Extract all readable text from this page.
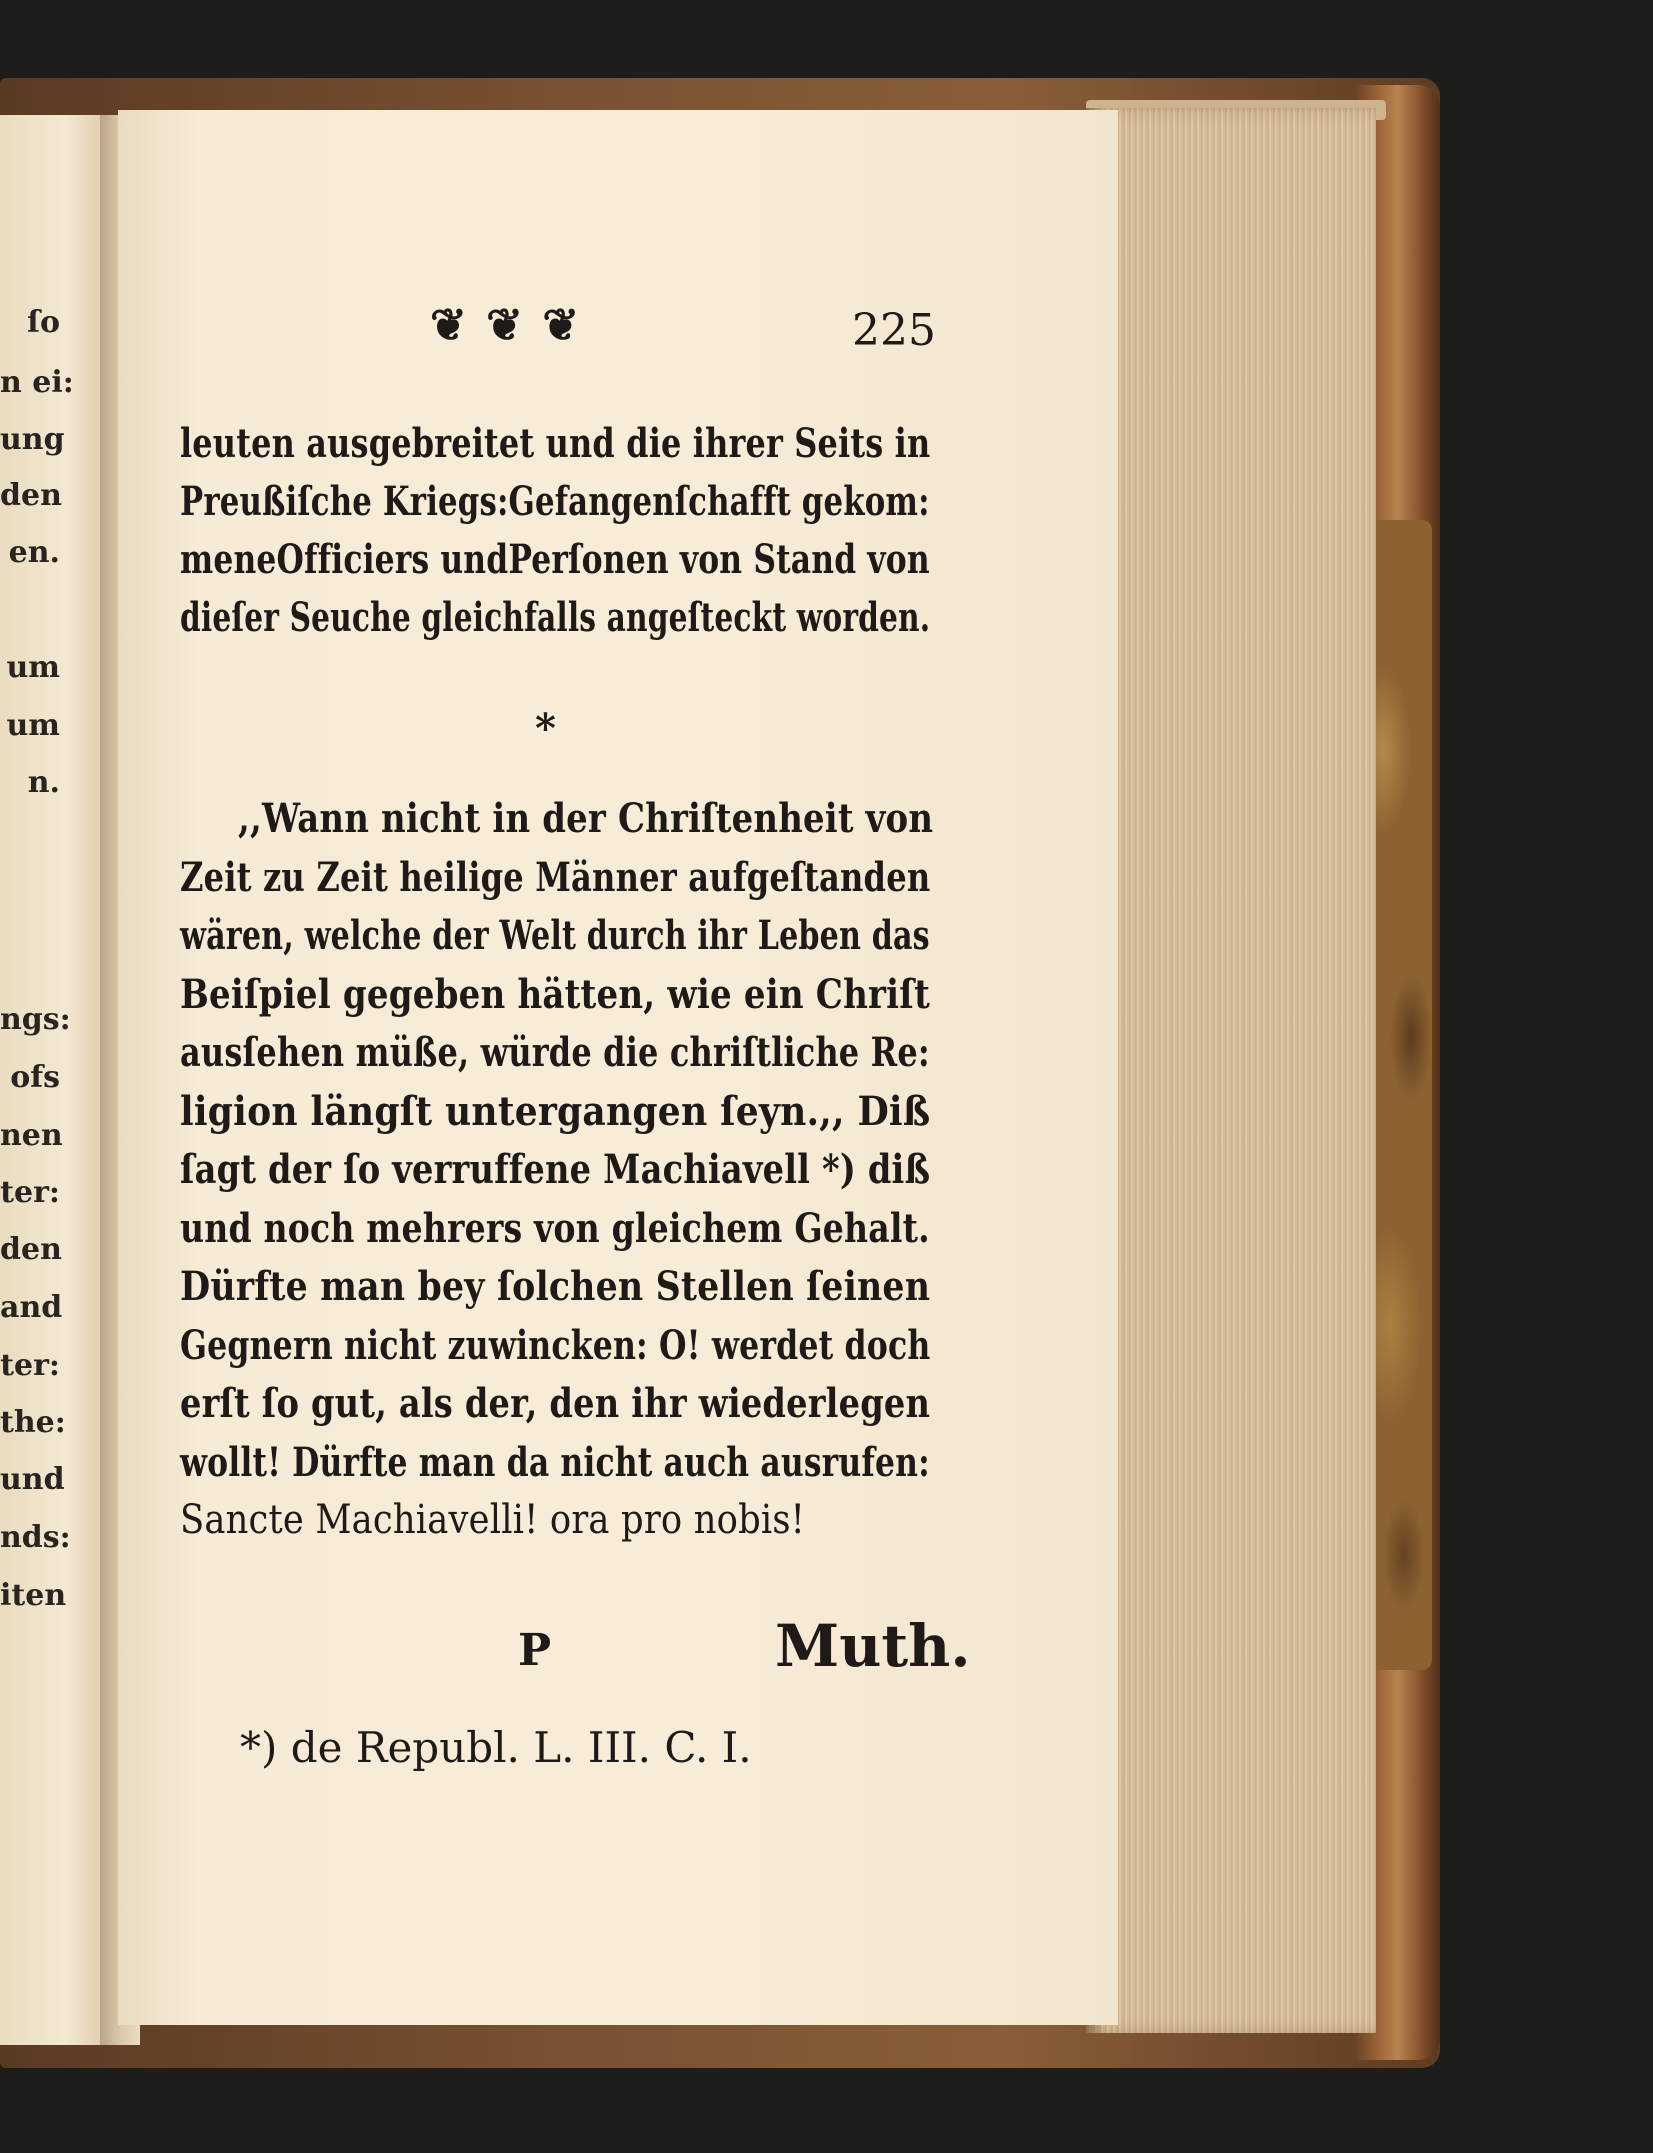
ſo
n ei:
ung
den
en.
um
um
n.
ngs:
ofs
nen
ter:
den
and
ter:
the:
und
nds:
iten
❦ ❦ ❦	225
*
P	Muth.
*) de Republ. L. III. C. I.
leuten ausgebreitet und die ihrer Seits in
Preußiſche Kriegs:Gefangenſchafft gekom:
meneOfficiers undPerſonen von Stand von
dieſer Seuche gleichfalls angeſteckt worden.
,,Wann nicht in der Chriſtenheit von
Zeit zu Zeit heilige Männer aufgeſtanden
wären, welche der Welt durch ihr Leben das
Beiſpiel gegeben hätten, wie ein Chriſt
ausſehen müße, würde die chriſtliche Re:
ligion längſt untergangen ſeyn.,, Diß
ſagt der ſo verruffene Machiavell *) diß
und noch mehrers von gleichem Gehalt.
Dürfte man bey ſolchen Stellen ſeinen
Gegnern nicht zuwincken: O! werdet doch
erſt ſo gut, als der, den ihr wiederlegen
wollt! Dürfte man da nicht auch ausrufen:
Sancte Machiavelli! ora pro nobis!
